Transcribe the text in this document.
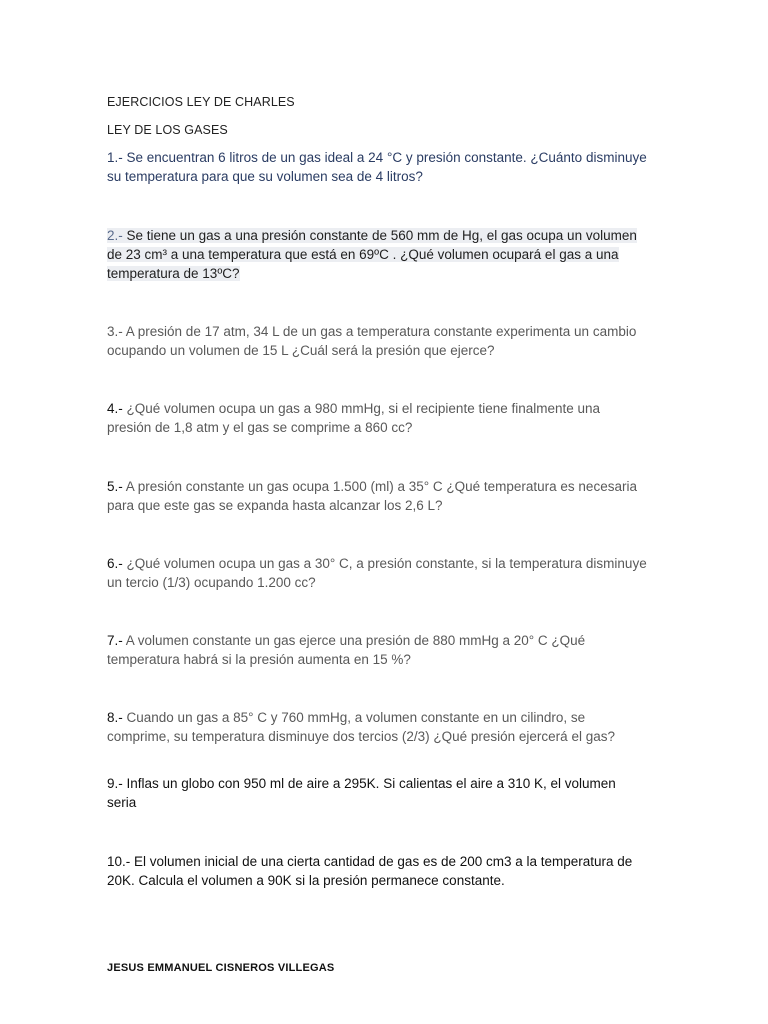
EJERCICIOS LEY DE CHARLES
LEY DE LOS GASES
1.- Se encuentran 6 litros de un gas ideal a 24 °C y presión constante. ¿Cuánto disminuye su temperatura para que su volumen sea de 4 litros?
2.- Se tiene un gas a una presión constante de 560 mm de Hg, el gas ocupa un volumen de 23 cm³ a una temperatura que está en 69ºC . ¿Qué volumen ocupará el gas a una temperatura de 13ºC?
3.- A presión de 17 atm, 34 L de un gas a temperatura constante experimenta un cambio ocupando un volumen de 15 L ¿Cuál será la presión que ejerce?
4.- ¿Qué volumen ocupa un gas a 980 mmHg, si el recipiente tiene finalmente una presión de 1,8 atm y el gas se comprime a 860 cc?
5.- A presión constante un gas ocupa 1.500 (ml) a 35° C ¿Qué temperatura es necesaria para que este gas se expanda hasta alcanzar los 2,6 L?
6.- ¿Qué volumen ocupa un gas a 30° C, a presión constante, si la temperatura disminuye un tercio (1/3) ocupando 1.200 cc?
7.- A volumen constante un gas ejerce una presión de 880 mmHg a 20° C ¿Qué temperatura habrá si la presión aumenta en 15 %?
8.- Cuando un gas a 85° C y 760 mmHg, a volumen constante en un cilindro, se comprime, su temperatura disminuye dos tercios (2/3) ¿Qué presión ejercerá el gas?
9.- Inflas un globo con 950 ml de aire a 295K. Si calientas el aire a 310 K, el volumen seria
10.- El volumen inicial de una cierta cantidad de gas es de 200 cm3 a la temperatura de 20K. Calcula el volumen a 90K si la presión permanece constante.
JESUS EMMANUEL CISNEROS VILLEGAS
